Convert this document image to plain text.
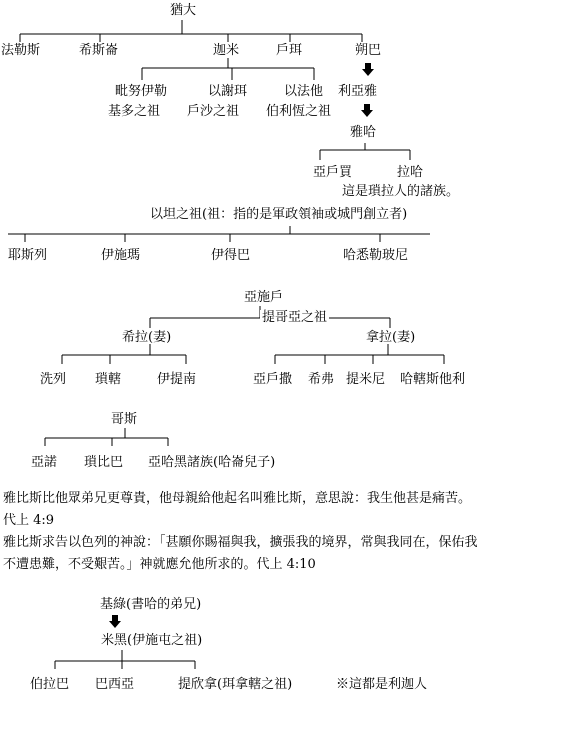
猶大
法勒斯	希斯崙	迦米	戶珥	朔巴
毗努伊勒
基多之祖
以謝珥
戶沙之祖
以法他
伯利恆之祖
利亞雅
雅哈
亞戶買	拉哈
這是瑣拉人的諸族。
以坦之祖(祖：指的是軍政領袖或城門創立者)
耶斯列	伊施瑪	伊得巴	哈悉勒玻尼
亞施戶
提哥亞之祖
希拉(妻)
洗列 瑣轄	伊提南
拿拉(妻)
亞戶撒 希弗 提米尼 哈轄斯他利
哥斯
亞諾 瑣比巴 亞哈黑諸族(哈崙兒子)
雅比斯比他眾弟兄更尊貴，他母親給他起名叫雅比斯，意思說：我生他甚是痛苦。
代上 4:9
雅比斯求告以色列的神說：「甚願你賜福與我，擴張我的境界，常與我同在，保佑我
不遭患難，不受艱苦。」神就應允他所求的。代上 4:10
基綠(書哈的弟兄)
米黑(伊施屯之祖)
伯拉巴 巴西亞	提欣拿(珥拿轄之祖)	※這都是利迦人
